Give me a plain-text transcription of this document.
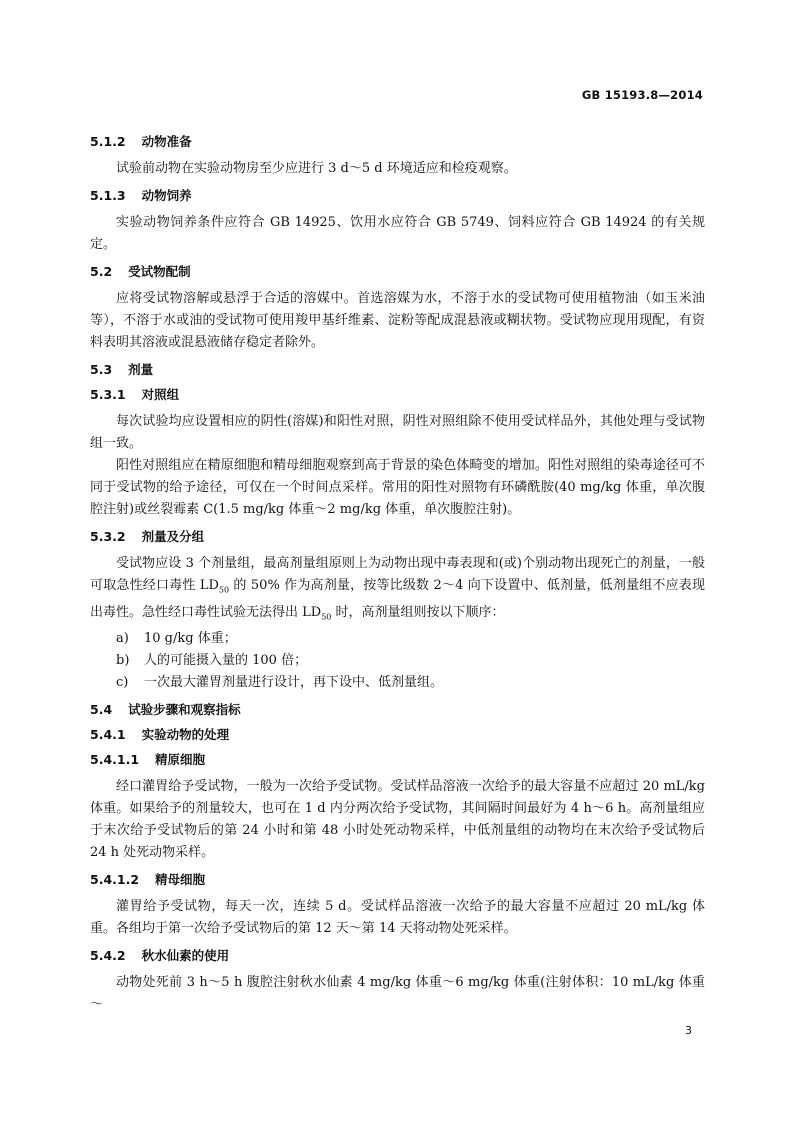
GB 15193.8—2014
5.1.2 动物准备

试验前动物在实验动物房至少应进行 3 d～5 d 环境适应和检疫观察。

5.1.3 动物饲养

实验动物饲养条件应符合 GB 14925、饮用水应符合 GB 5749、饲料应符合 GB 14924 的有关规定。

5.2 受试物配制

应将受试物溶解或悬浮于合适的溶媒中。首选溶媒为水，不溶于水的受试物可使用植物油（如玉米油等），不溶于水或油的受试物可使用羧甲基纤维素、淀粉等配成混悬液或糊状物。受试物应现用现配，有资料表明其溶液或混悬液储存稳定者除外。

5.3 剂量
5.3.1 对照组

每次试验均应设置相应的阴性(溶媒)和阳性对照，阴性对照组除不使用受试样品外，其他处理与受试物组一致。

阳性对照组应在精原细胞和精母细胞观察到高于背景的染色体畸变的增加。阳性对照组的染毒途径可不同于受试物的给予途径，可仅在一个时间点采样。常用的阳性对照物有环磷酰胺(40 mg/kg 体重，单次腹腔注射)或丝裂霉素 C(1.5 mg/kg 体重～2 mg/kg 体重，单次腹腔注射)。

5.3.2 剂量及分组

受试物应设 3 个剂量组，最高剂量组原则上为动物出现中毒表现和(或)个别动物出现死亡的剂量，一般可取急性经口毒性 $LD_{50}$ 的 50% 作为高剂量，按等比级数 2～4 向下设置中、低剂量，低剂量组不应表现出毒性。急性经口毒性试验无法得出 $LD_{50}$ 时，高剂量组则按以下顺序：

a)	10 g/kg 体重；
b)	人的可能摄入量的 100 倍；
c)	一次最大灌胃剂量进行设计，再下设中、低剂量组。
5.4 试验步骤和观察指标
5.4.1 实验动物的处理
5.4.1.1 精原细胞

经口灌胃给予受试物，一般为一次给予受试物。受试样品溶液一次给予的最大容量不应超过 20 mL/kg 体重。如果给予的剂量较大，也可在 1 d 内分两次给予受试物，其间隔时间最好为 4 h～6 h。高剂量组应于末次给予受试物后的第 24 小时和第 48 小时处死动物采样，中低剂量组的动物均在末次给予受试物后 24 h 处死动物采样。

5.4.1.2 精母细胞

灌胃给予受试物，每天一次，连续 5 d。受试样品溶液一次给予的最大容量不应超过 20 mL/kg 体重。各组均于第一次给予受试物后的第 12 天～第 14 天将动物处死采样。

5.4.2 秋水仙素的使用

动物处死前 3 h～5 h 腹腔注射秋水仙素 4 mg/kg 体重～6 mg/kg 体重(注射体积：10 mL/kg 体重～

3
